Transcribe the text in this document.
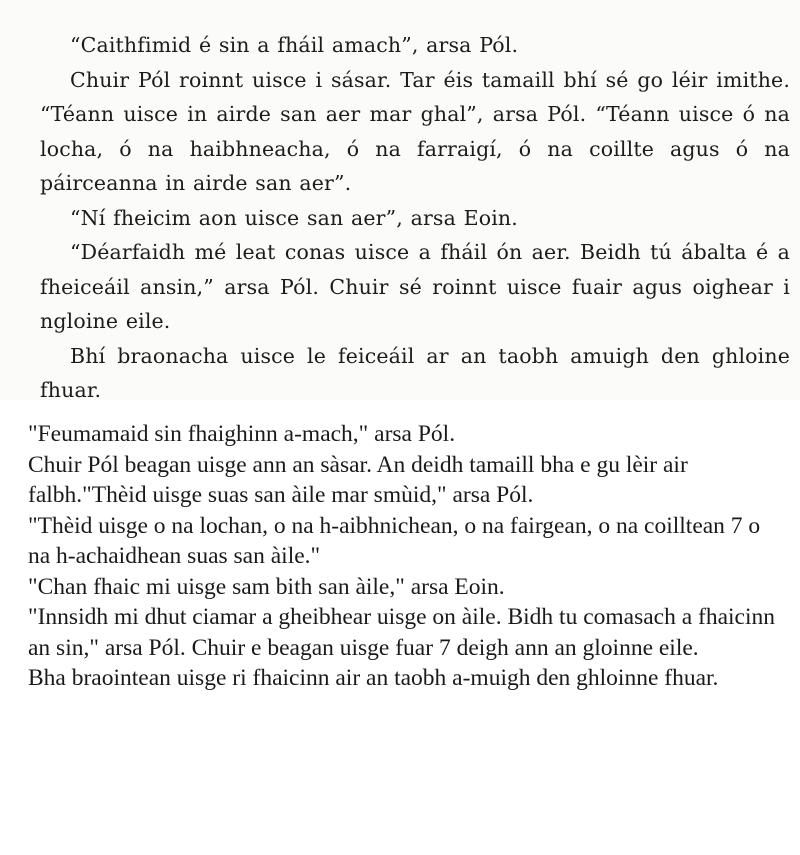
“Caithfimid é sin a fháil amach”, arsa Pól.

Chuir Pól roinnt uisce i sásar. Tar éis tamaill bhí sé go léir imithe. “Téann uisce in airde san aer mar ghal”, arsa Pól. “Téann uisce ó na locha, ó na haibhneacha, ó na farraigí, ó na coillte agus ó na páirceanna in airde san aer”.

“Ní fheicim aon uisce san aer”, arsa Eoin.

“Déarfaidh mé leat conas uisce a fháil ón aer. Beidh tú ábalta é a fheiceáil ansin,” arsa Pól. Chuir sé roinnt uisce fuair agus oighear i ngloine eile.

Bhí braonacha uisce le feiceáil ar an taobh amuigh den ghloine fhuar.

"Feumamaid sin fhaighinn a-mach," arsa Pól.

Chuir Pól beagan uisge ann an sàsar. An deidh tamaill bha e gu lèir air falbh."Thèid uisge suas san àile mar smùid," arsa Pól.

"Thèid uisge o na lochan, o na h-aibhnichean, o na fairgean, o na coilltean 7 o na h-achaidhean suas san àile."

"Chan fhaic mi uisge sam bith san àile," arsa Eoin.

"Innsidh mi dhut ciamar a gheibhear uisge on àile. Bidh tu comasach a fhaicinn an sin," arsa Pól. Chuir e beagan uisge fuar 7 deigh ann an gloinne eile.

Bha braointean uisge ri fhaicinn air an taobh a-muigh den ghloinne fhuar.
